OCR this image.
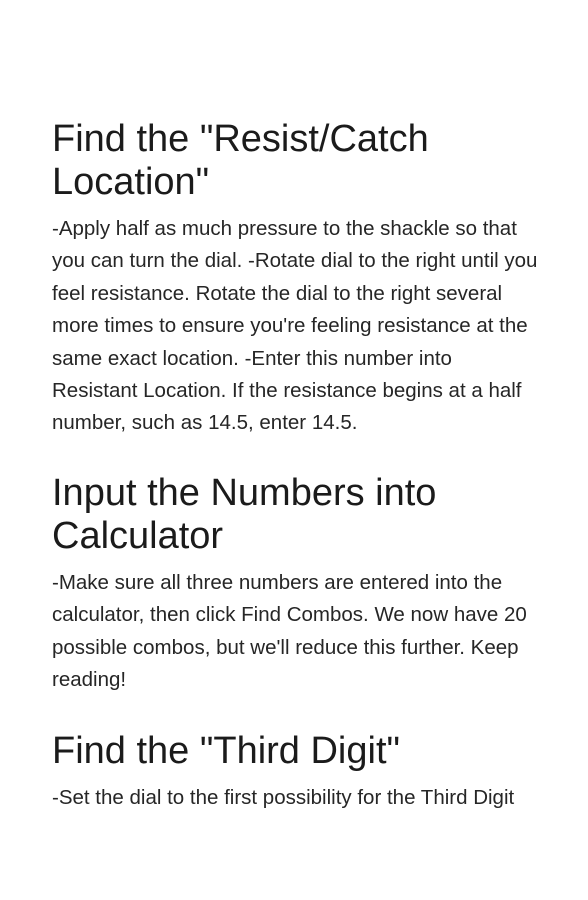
Find the "Resist/Catch Location"

-Apply half as much pressure to the shackle so that you can turn the dial. -Rotate dial to the right until you feel resistance. Rotate the dial to the right several more times to ensure you're feeling resistance at the same exact location. -Enter this number into Resistant Location. If the resistance begins at a half number, such as 14.5, enter 14.5.

Input the Numbers into Calculator

-Make sure all three numbers are entered into the calculator, then click Find Combos. We now have 20 possible combos, but we'll reduce this further. Keep reading!

Find the "Third Digit"

-Set the dial to the first possibility for the Third Digit
